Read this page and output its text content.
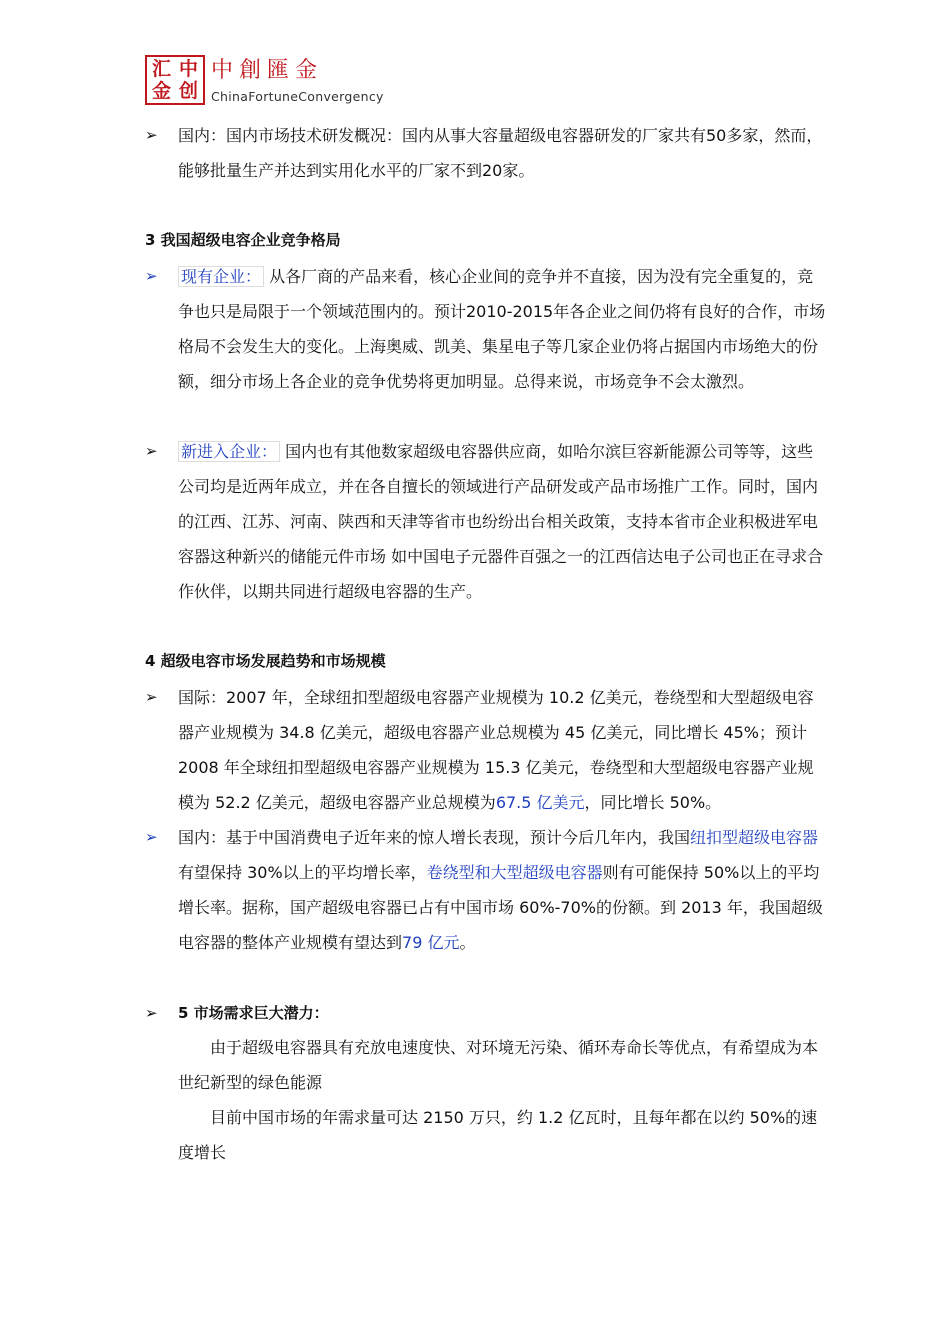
汇 中
金 创
中創匯金
ChinaFortuneConvergency
➢ 国内：国内市场技术研发概况：国内从事大容量超级电容器研发的厂家共有50多家，然而，能够批量生产并达到实用化水平的厂家不到20家。
3 我国超级电容企业竞争格局
➢ 现有企业： 从各厂商的产品来看，核心企业间的竞争并不直接，因为没有完全重复的，竞争也只是局限于一个领域范围内的。预计2010-2015年各企业之间仍将有良好的合作，市场格局不会发生大的变化。上海奥威、凯美、集星电子等几家企业仍将占据国内市场绝大的份额，细分市场上各企业的竞争优势将更加明显。总得来说，市场竞争不会太激烈。
➢ 新进入企业： 国内也有其他数家超级电容器供应商，如哈尔滨巨容新能源公司等等，这些公司均是近两年成立，并在各自擅长的领域进行产品研发或产品市场推广工作。同时，国内的江西、江苏、河南、陕西和天津等省市也纷纷出台相关政策，支持本省市企业积极进军电容器这种新兴的储能元件市场 如中国电子元器件百强之一的江西信达电子公司也正在寻求合作伙伴，以期共同进行超级电容器的生产。
4 超级电容市场发展趋势和市场规模
➢ 国际：2007 年，全球纽扣型超级电容器产业规模为 10.2 亿美元，卷绕型和大型超级电容器产业规模为 34.8 亿美元，超级电容器产业总规模为 45 亿美元，同比增长 45%；预计 2008 年全球纽扣型超级电容器产业规模为 15.3 亿美元，卷绕型和大型超级电容器产业规模为 52.2 亿美元，超级电容器产业总规模为67.5 亿美元，同比增长 50%。
➢ 国内：基于中国消费电子近年来的惊人增长表现，预计今后几年内，我国纽扣型超级电容器有望保持 30%以上的平均增长率，卷绕型和大型超级电容器则有可能保持 50%以上的平均增长率。据称，国产超级电容器已占有中国市场 60%-70%的份额。到 2013 年，我国超级电容器的整体产业规模有望达到79 亿元。
➢ 5 市场需求巨大潜力：
由于超级电容器具有充放电速度快、对环境无污染、循环寿命长等优点，有希望成为本世纪新型的绿色能源
目前中国市场的年需求量可达 2150 万只，约 1.2 亿瓦时，且每年都在以约 50%的速度增长
